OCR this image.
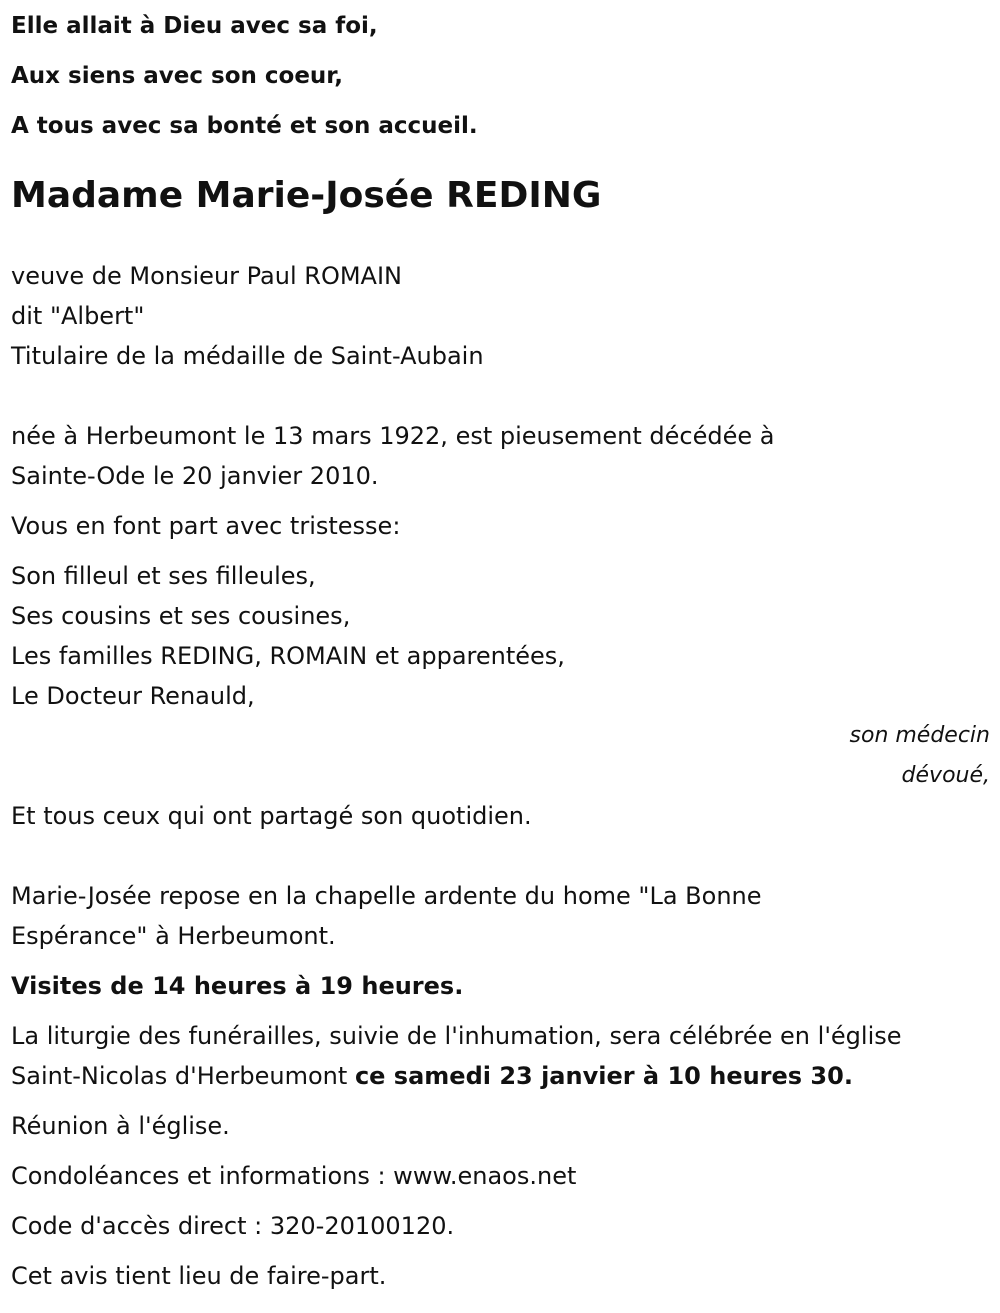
Elle allait à Dieu avec sa foi,

Aux siens avec son coeur,

A tous avec sa bonté et son accueil.

Madame Marie-Josée REDING
veuve de Monsieur Paul ROMAIN
dit "Albert"
Titulaire de la médaille de Saint-Aubain
née à Herbeumont le 13 mars 1922, est pieusement décédée à
Sainte-Ode le 20 janvier 2010.
Vous en font part avec tristesse:
Son filleul et ses filleules,
Ses cousins et ses cousines,
Les familles REDING, ROMAIN et apparentées,
Le Docteur Renauld,
son médecin
dévoué,
Et tous ceux qui ont partagé son quotidien.
Marie-Josée repose en la chapelle ardente du home "La Bonne
Espérance" à Herbeumont.
Visites de 14 heures à 19 heures.
La liturgie des funérailles, suivie de l'inhumation, sera célébrée en l'église
Saint-Nicolas d'Herbeumont ce samedi 23 janvier à 10 heures 30.
Réunion à l'église.
Condoléances et informations : www.enaos.net
Code d'accès direct : 320-20100120.
Cet avis tient lieu de faire-part.
